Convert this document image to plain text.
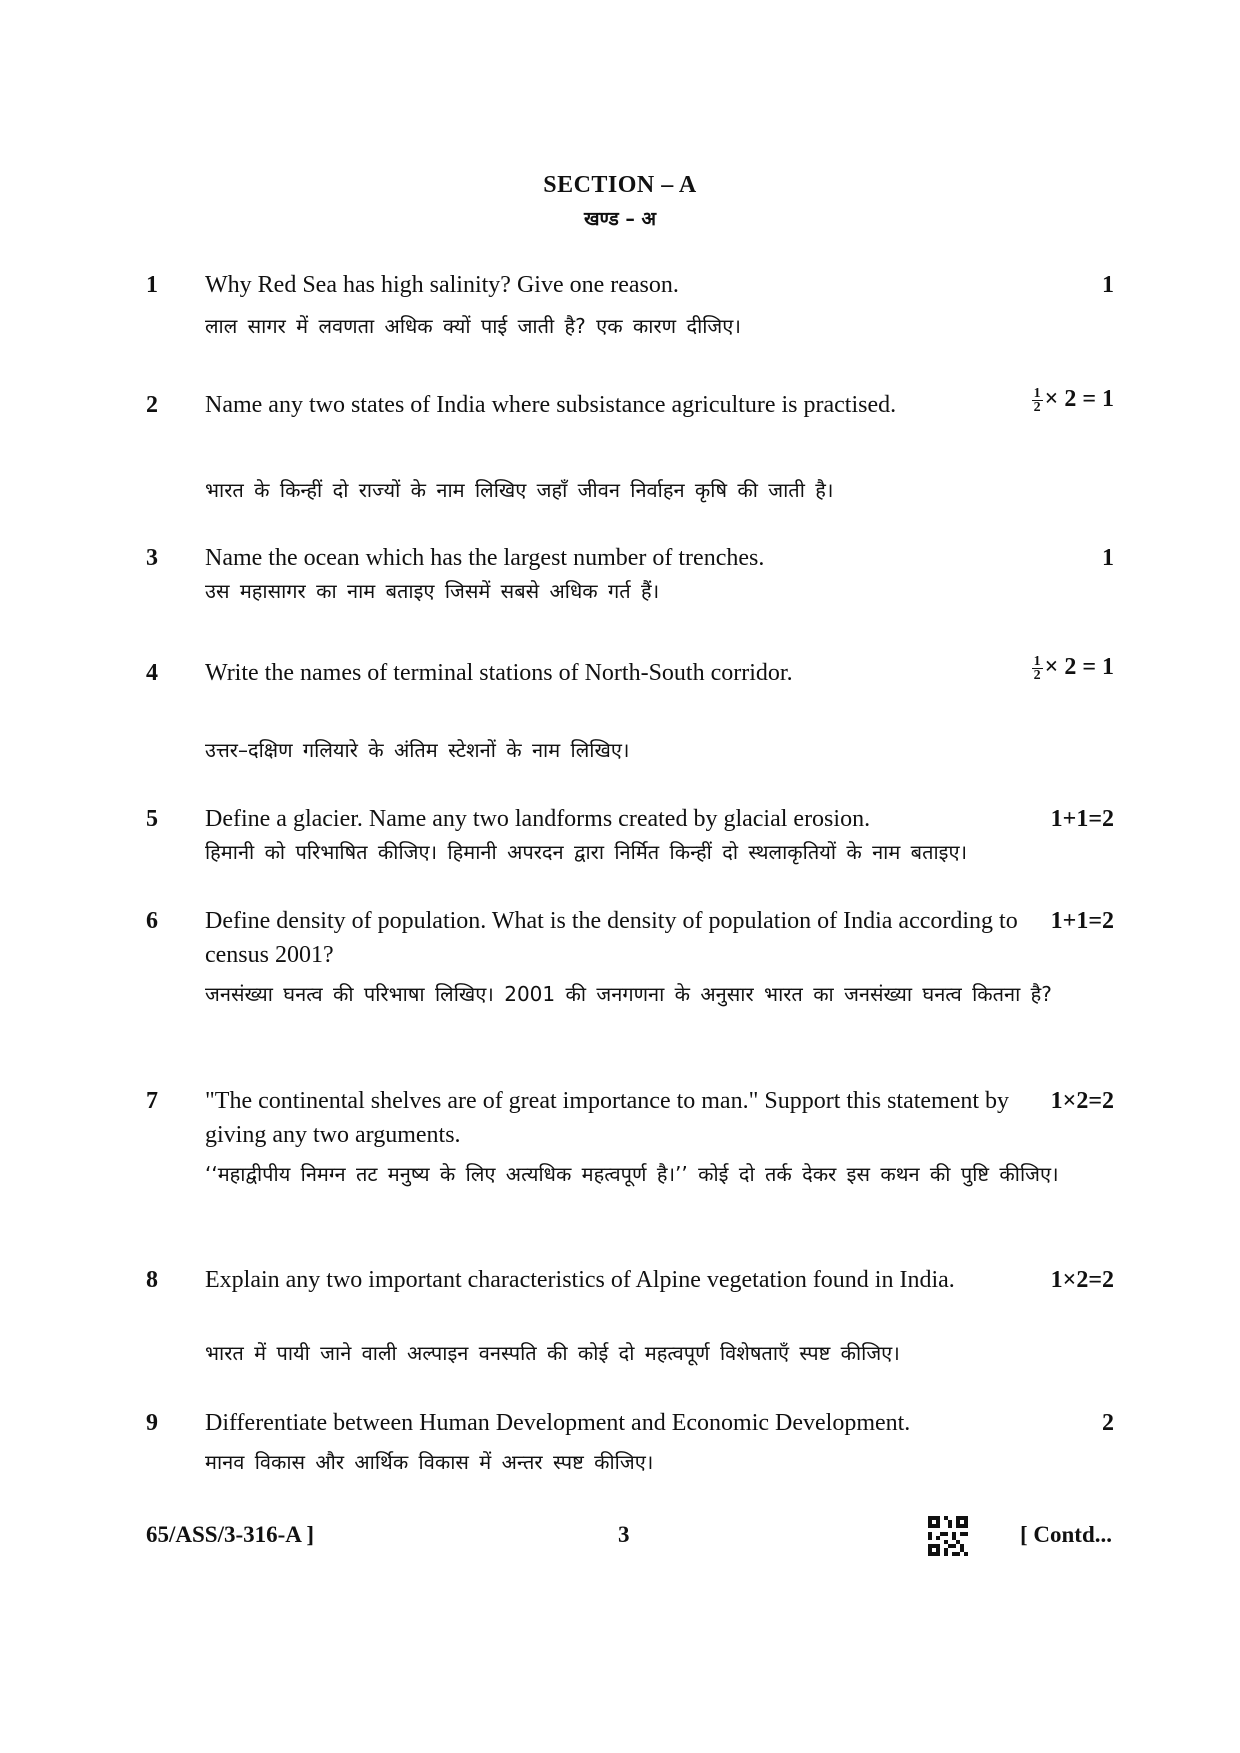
SECTION – A
खण्ड – अ
1 Why Red Sea has high salinity? Give one reason.
लाल सागर में लवणता अधिक क्यों पाई जाती है? एक कारण दीजिए।
1
2 Name any two states of India where subsistance agriculture is practised.
भारत के किन्हीं दो राज्यों के नाम लिखिए जहाँ जीवन निर्वाहन कृषि की जाती है।
$\frac{1}{2} \times 2 = 1$
3 Name the ocean which has the largest number of trenches.
उस महासागर का नाम बताइए जिसमें सबसे अधिक गर्त हैं।
1
4 Write the names of terminal stations of North-South corridor.
उत्तर–दक्षिण गलियारे के अंतिम स्टेशनों के नाम लिखिए।
$\frac{1}{2} \times 2 = 1$
5 Define a glacier. Name any two landforms created by glacial erosion.
हिमानी को परिभाषित कीजिए। हिमानी अपरदन द्वारा निर्मित किन्हीं दो स्थलाकृतियों के नाम बताइए।
1+1=2
6 Define density of population. What is the density of population of India according to census 2001?
जनसंख्या घनत्व की परिभाषा लिखिए। 2001 की जनगणना के अनुसार भारत का जनसंख्या घनत्व कितना है?
1+1=2
7 "The continental shelves are of great importance to man." Support this statement by giving any two arguments.
‘‘महाद्वीपीय निमग्न तट मनुष्य के लिए अत्यधिक महत्वपूर्ण है।’’ कोई दो तर्क देकर इस कथन की पुष्टि कीजिए।
1×2=2
8 Explain any two important characteristics of Alpine vegetation found in India.
भारत में पायी जाने वाली अल्पाइन वनस्पति की कोई दो महत्वपूर्ण विशेषताएँ स्पष्ट कीजिए।
1×2=2
9 Differentiate between Human Development and Economic Development.
मानव विकास और आर्थिक विकास में अन्तर स्पष्ट कीजिए।
2
65/ASS/3-316-A ]	3	[ Contd...
